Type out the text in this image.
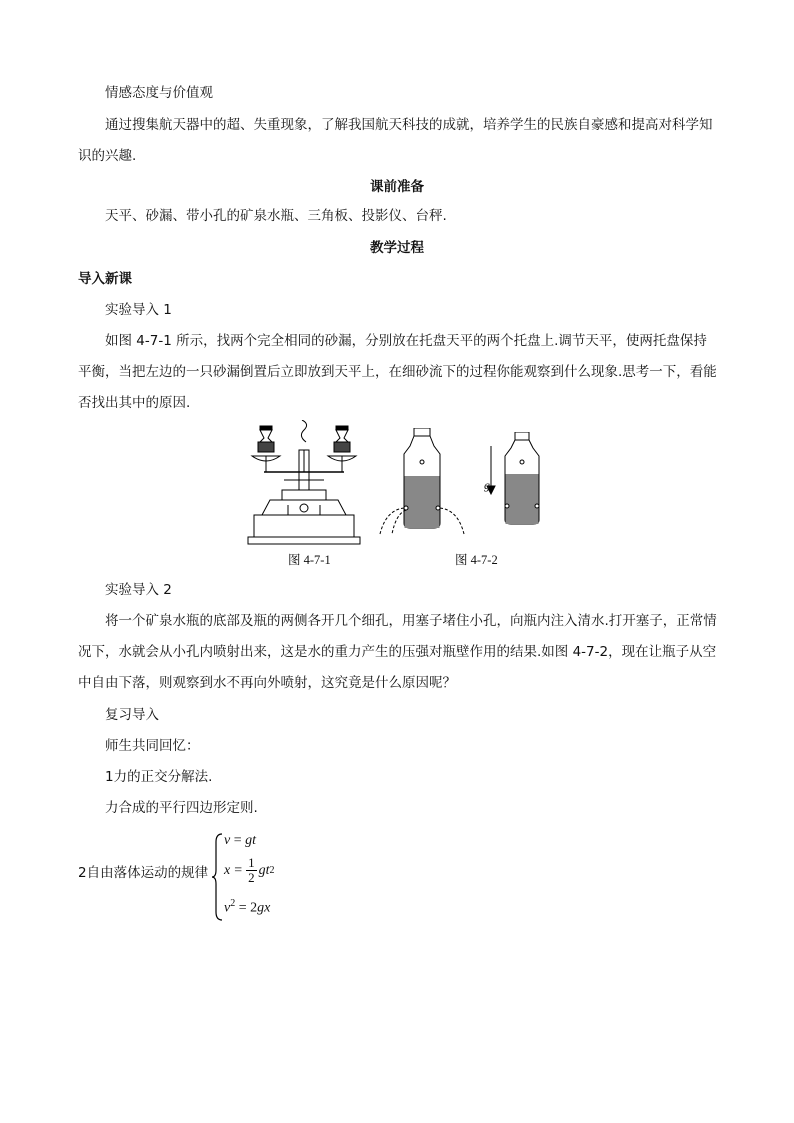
情感态度与价值观

通过搜集航天器中的超、失重现象，了解我国航天科技的成就，培养学生的民族自豪感和提高对科学知识的兴趣.

课前准备

天平、砂漏、带小孔的矿泉水瓶、三角板、投影仪、台秤.

教学过程

导入新课

实验导入 1

如图 4-7-1 所示，找两个完全相同的砂漏，分别放在托盘天平的两个托盘上.调节天平，使两托盘保持平衡，当把左边的一只砂漏倒置后立即放到天平上，在细砂流下的过程你能观察到什么现象.思考一下，看能否找出其中的原因.

g
图 4-7-1	图 4-7-2

实验导入 2

将一个矿泉水瓶的底部及瓶的两侧各开几个细孔，用塞子堵住小孔，向瓶内注入清水.打开塞子，正常情况下，水就会从小孔内喷射出来，这是水的重力产生的压强对瓶壁作用的结果.如图 4-7-2，现在让瓶子从空中自由下落，则观察到水不再向外喷射，这究竟是什么原因呢？

复习导入

师生共同回忆：

1力的正交分解法.

力合成的平行四边形定则.

2自由落体运动的规律
v = gt
$x = \frac{1}{2}$ gt 2
$v^2 = 2gx$
